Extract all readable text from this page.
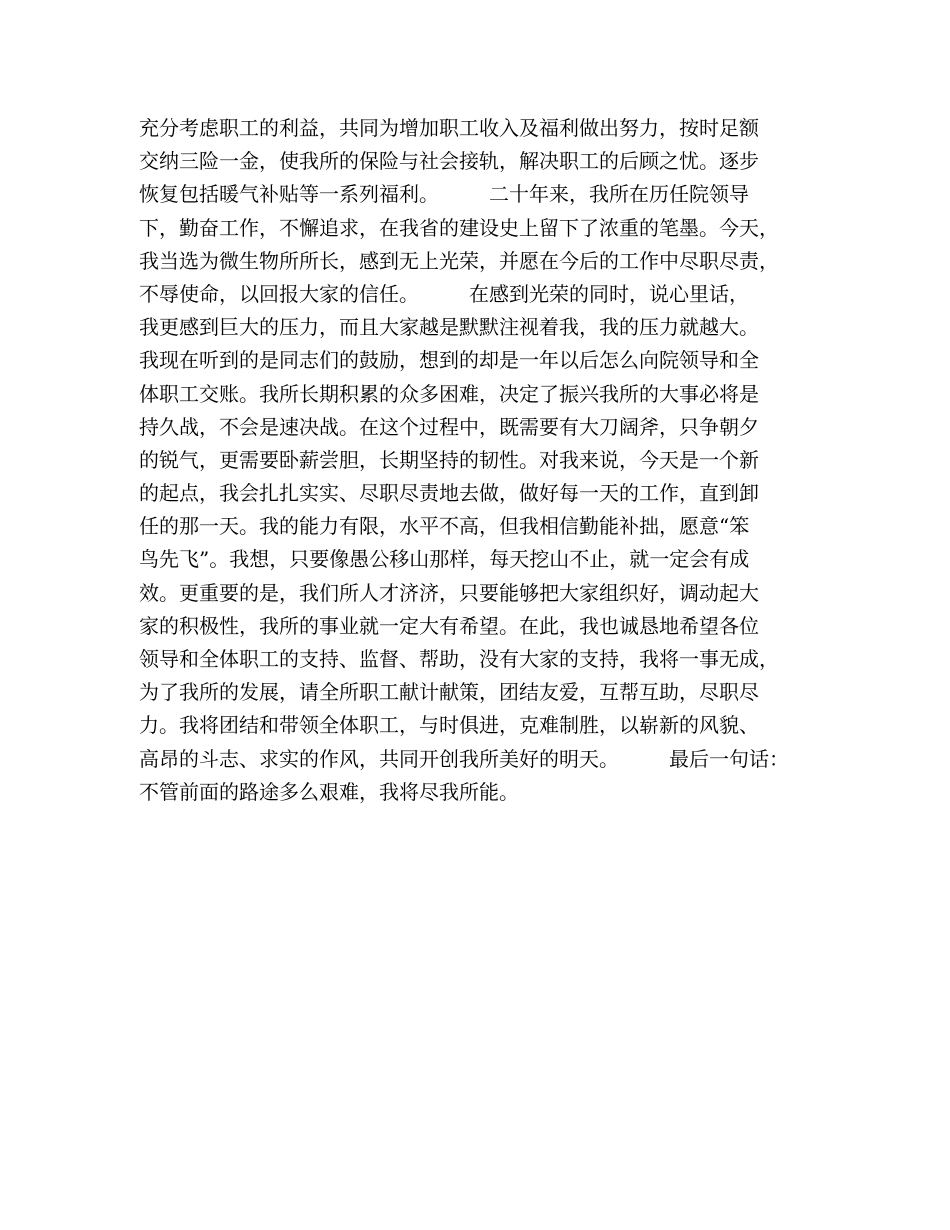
充分考虑职工的利益，共同为增加职工收入及福利做出努力，按时足额
交纳三险一金，使我所的保险与社会接轨，解决职工的后顾之忧。逐步
恢复包括暖气补贴等一系列福利。　　　二十年来，我所在历任院领导
下，勤奋工作，不懈追求，在我省的建设史上留下了浓重的笔墨。今天，
我当选为微生物所所长，感到无上光荣，并愿在今后的工作中尽职尽责，
不辱使命，以回报大家的信任。　　　在感到光荣的同时，说心里话，
我更感到巨大的压力，而且大家越是默默注视着我，我的压力就越大。
我现在听到的是同志们的鼓励，想到的却是一年以后怎么向院领导和全
体职工交账。我所长期积累的众多困难，决定了振兴我所的大事必将是
持久战，不会是速决战。在这个过程中，既需要有大刀阔斧，只争朝夕
的锐气，更需要卧薪尝胆，长期坚持的韧性。对我来说，今天是一个新
的起点，我会扎扎实实、尽职尽责地去做，做好每一天的工作，直到卸
任的那一天。我的能力有限，水平不高，但我相信勤能补拙，愿意“笨
鸟先飞”。我想，只要像愚公移山那样，每天挖山不止，就一定会有成
效。更重要的是，我们所人才济济，只要能够把大家组织好，调动起大
家的积极性，我所的事业就一定大有希望。在此，我也诚恳地希望各位
领导和全体职工的支持、监督、帮助，没有大家的支持，我将一事无成，
为了我所的发展，请全所职工献计献策，团结友爱，互帮互助，尽职尽
力。我将团结和带领全体职工，与时俱进，克难制胜，以崭新的风貌、
高昂的斗志、求实的作风，共同开创我所美好的明天。　　　最后一句话：
不管前面的路途多么艰难，我将尽我所能。
